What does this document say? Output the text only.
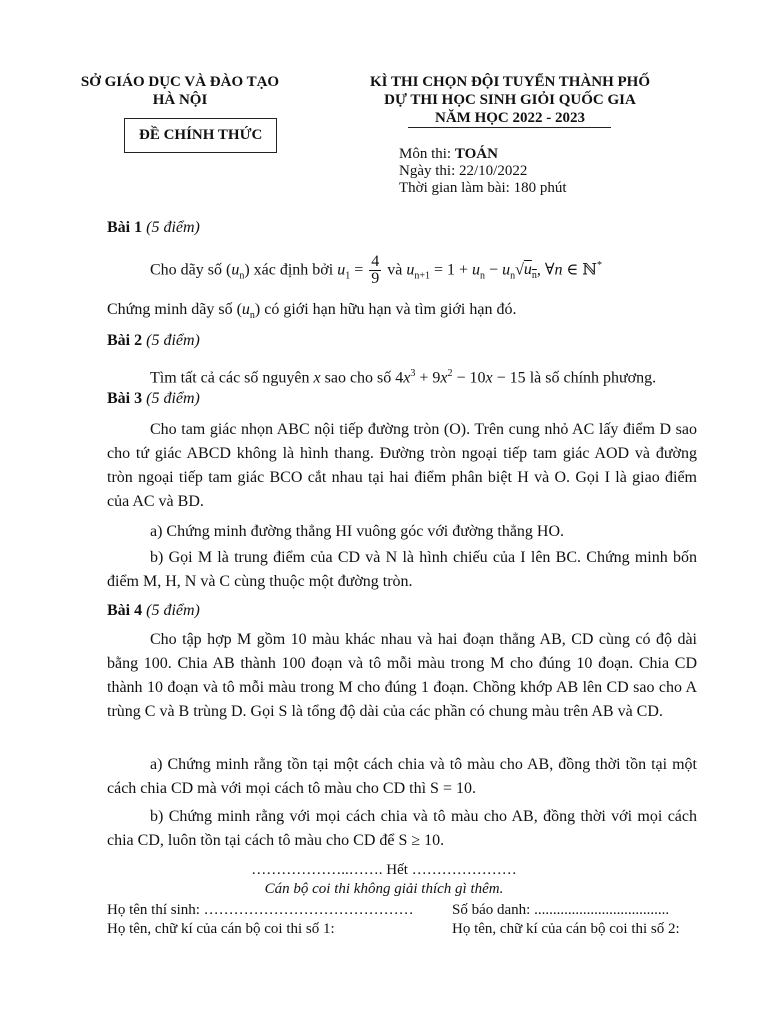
SỞ GIÁO DỤC VÀ ĐÀO TẠO
HÀ NỘI
ĐỀ CHÍNH THỨC
KÌ THI CHỌN ĐỘI TUYỂN THÀNH PHỐ
DỰ THI HỌC SINH GIỎI QUỐC GIA
NĂM HỌC 2022 - 2023
Môn thi: TOÁN
Ngày thi: 22/10/2022
Thời gian làm bài: 180 phút
Bài 1 (5 điểm)
Cho dãy số $(u_n)$ xác định bởi $u_1 = \frac{4}{9}$ và $u_{n+1} = 1 + u_n - u_n√u_n$, ∀n ∈ ℕ*
Chứng minh dãy số $(u_n)$ có giới hạn hữu hạn và tìm giới hạn đó.
Bài 2 (5 điểm)
Tìm tất cả các số nguyên x sao cho số $4x^3 + 9x^2 - 10x - 15$ là số chính phương.
Bài 3 (5 điểm)
Cho tam giác nhọn ABC nội tiếp đường tròn (O). Trên cung nhỏ AC lấy điểm D sao cho tứ giác ABCD không là hình thang. Đường tròn ngoại tiếp tam giác AOD và đường tròn ngoại tiếp tam giác BCO cắt nhau tại hai điểm phân biệt H và O. Gọi I là giao điểm của AC và BD.
a) Chứng minh đường thẳng HI vuông góc với đường thẳng HO.
b) Gọi M là trung điểm của CD và N là hình chiếu của I lên BC. Chứng minh bốn điểm M, H, N và C cùng thuộc một đường tròn.
Bài 4 (5 điểm)
Cho tập hợp M gồm 10 màu khác nhau và hai đoạn thẳng AB, CD cùng có độ dài bằng 100. Chia AB thành 100 đoạn và tô mỗi màu trong M cho đúng 10 đoạn. Chia CD thành 10 đoạn và tô mỗi màu trong M cho đúng 1 đoạn. Chồng khớp AB lên CD sao cho A trùng C và B trùng D. Gọi S là tổng độ dài của các phần có chung màu trên AB và CD.
a) Chứng minh rằng tồn tại một cách chia và tô màu cho AB, đồng thời tồn tại một cách chia CD mà với mọi cách tô màu cho CD thì S = 10.
b) Chứng minh rằng với mọi cách chia và tô màu cho AB, đồng thời với mọi cách chia CD, luôn tồn tại cách tô màu cho CD để S ≥ 10.
………………..……. Hết …………………
Cán bộ coi thi không giải thích gì thêm.
Họ tên thí sinh: ……………………………………	Số báo danh: ....................................
Họ tên, chữ kí của cán bộ coi thi số 1:	Họ tên, chữ kí của cán bộ coi thi số 2:
